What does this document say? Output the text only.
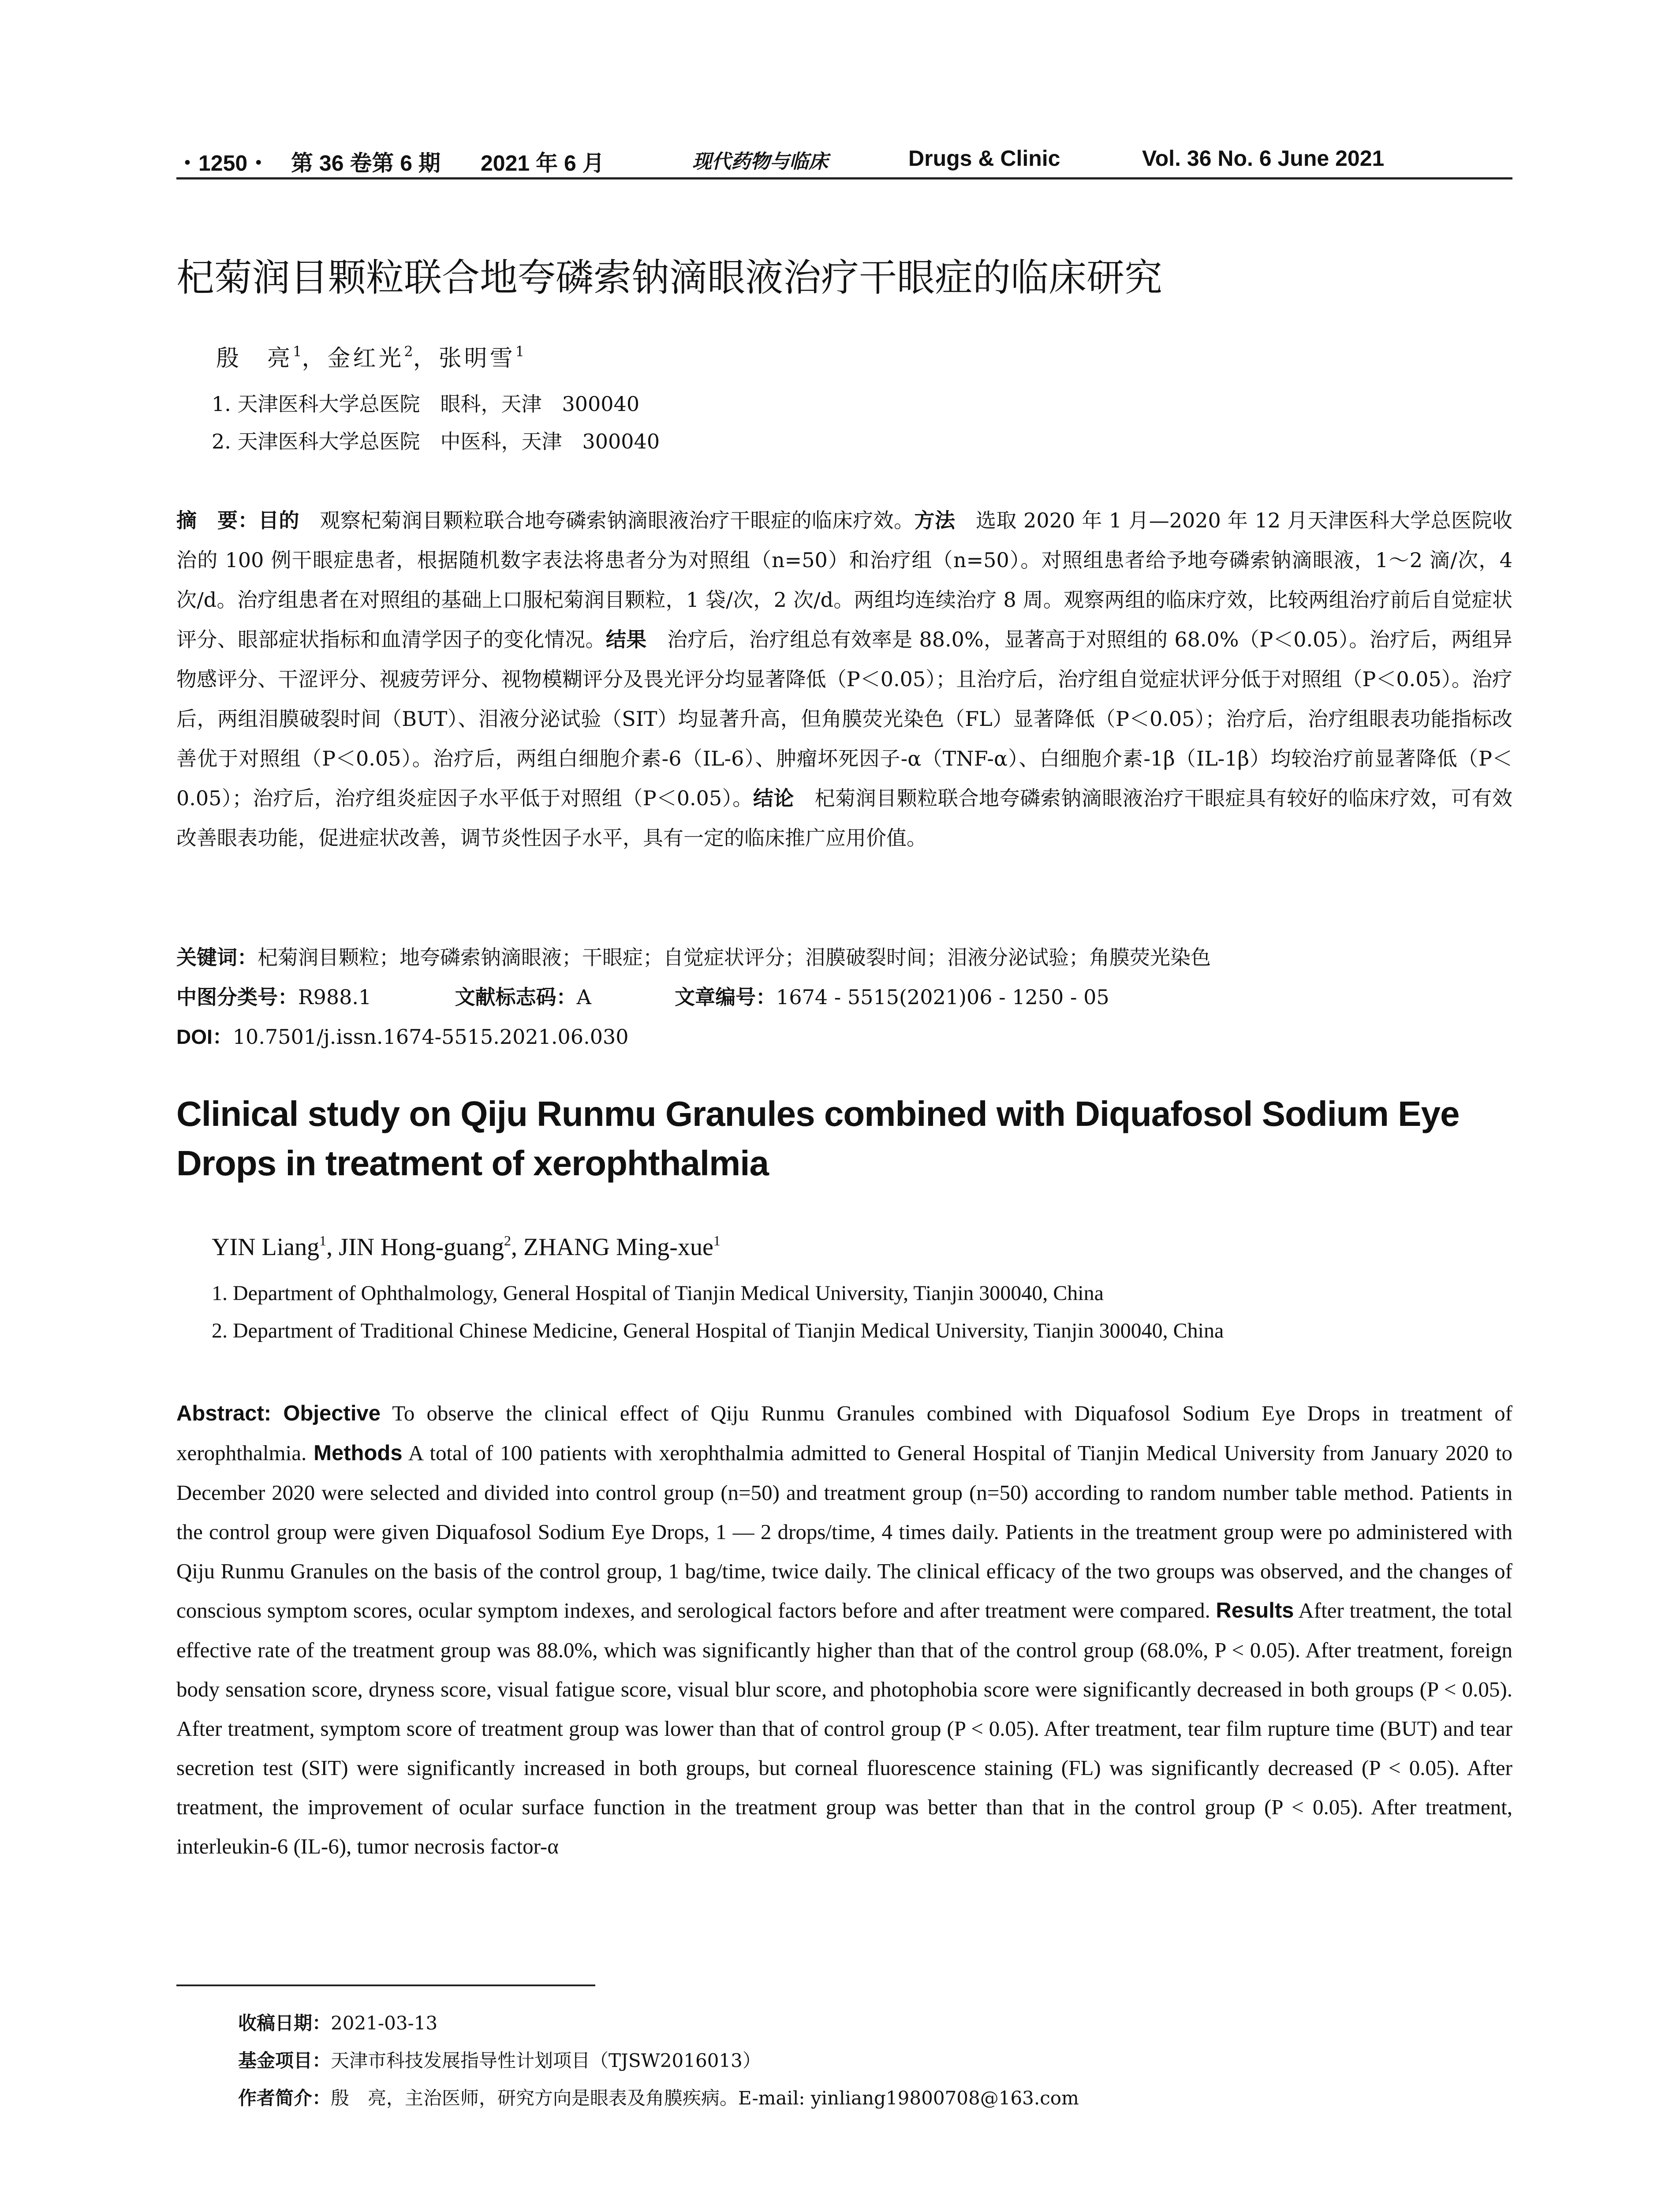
・1250・ 第 36 卷第 6 期 2021 年 6 月	现代药物与临床	Drugs & Clinic	Vol. 36 No. 6 June 2021
杞菊润目颗粒联合地夸磷索钠滴眼液治疗干眼症的临床研究
殷　亮$^1$，金红光$^2$，张明雪$^1$
1. 天津医科大学总医院　眼科，天津　300040
2. 天津医科大学总医院　中医科，天津　300040
摘　要：目的　观察杞菊润目颗粒联合地夸磷索钠滴眼液治疗干眼症的临床疗效。方法　选取 2020 年 1 月—2020 年 12 月天津医科大学总医院收治的 100 例干眼症患者，根据随机数字表法将患者分为对照组（n=50）和治疗组（n=50）。对照组患者给予地夸磷索钠滴眼液，1～2 滴/次，4 次/d。治疗组患者在对照组的基础上口服杞菊润目颗粒，1 袋/次，2 次/d。两组均连续治疗 8 周。观察两组的临床疗效，比较两组治疗前后自觉症状评分、眼部症状指标和血清学因子的变化情况。结果　治疗后，治疗组总有效率是 88.0%，显著高于对照组的 68.0%（P＜0.05）。治疗后，两组异物感评分、干涩评分、视疲劳评分、视物模糊评分及畏光评分均显著降低（P＜0.05）；且治疗后，治疗组自觉症状评分低于对照组（P＜0.05）。治疗后，两组泪膜破裂时间（BUT）、泪液分泌试验（SIT）均显著升高，但角膜荧光染色（FL）显著降低（P＜0.05）；治疗后，治疗组眼表功能指标改善优于对照组（P＜0.05）。治疗后，两组白细胞介素-6（IL-6）、肿瘤坏死因子-α（TNF-α）、白细胞介素-1β（IL-1β）均较治疗前显著降低（P＜0.05）；治疗后，治疗组炎症因子水平低于对照组（P＜0.05）。结论　杞菊润目颗粒联合地夸磷索钠滴眼液治疗干眼症具有较好的临床疗效，可有效改善眼表功能，促进症状改善，调节炎性因子水平，具有一定的临床推广应用价值。
关键词：杞菊润目颗粒；地夸磷索钠滴眼液；干眼症；自觉症状评分；泪膜破裂时间；泪液分泌试验；角膜荧光染色
中图分类号：R988.1	文献标志码：A	文章编号：1674 - 5515(2021)06 - 1250 - 05
DOI：10.7501/j.issn.1674-5515.2021.06.030
Clinical study on Qiju Runmu Granules combined with Diquafosol Sodium Eye Drops in treatment of xerophthalmia
YIN Liang$^1$, JIN Hong-guang$^2$, ZHANG Ming-xue$^1$
1. Department of Ophthalmology, General Hospital of Tianjin Medical University, Tianjin 300040, China
2. Department of Traditional Chinese Medicine, General Hospital of Tianjin Medical University, Tianjin 300040, China
Abstract: Objective To observe the clinical effect of Qiju Runmu Granules combined with Diquafosol Sodium Eye Drops in treatment of xerophthalmia. Methods A total of 100 patients with xerophthalmia admitted to General Hospital of Tianjin Medical University from January 2020 to December 2020 were selected and divided into control group (n=50) and treatment group (n=50) according to random number table method. Patients in the control group were given Diquafosol Sodium Eye Drops, 1 — 2 drops/time, 4 times daily. Patients in the treatment group were po administered with Qiju Runmu Granules on the basis of the control group, 1 bag/time, twice daily. The clinical efficacy of the two groups was observed, and the changes of conscious symptom scores, ocular symptom indexes, and serological factors before and after treatment were compared. Results After treatment, the total effective rate of the treatment group was 88.0%, which was significantly higher than that of the control group (68.0%, P < 0.05). After treatment, foreign body sensation score, dryness score, visual fatigue score, visual blur score, and photophobia score were significantly decreased in both groups (P < 0.05). After treatment, symptom score of treatment group was lower than that of control group (P < 0.05). After treatment, tear film rupture time (BUT) and tear secretion test (SIT) were significantly increased in both groups, but corneal fluorescence staining (FL) was significantly decreased (P < 0.05). After treatment, the improvement of ocular surface function in the treatment group was better than that in the control group (P < 0.05). After treatment, interleukin-6 (IL-6), tumor necrosis factor-α
收稿日期：2021-03-13
基金项目：天津市科技发展指导性计划项目（TJSW2016013）
作者简介：殷　亮，主治医师，研究方向是眼表及角膜疾病。E-mail: yinliang19800708@163.com
